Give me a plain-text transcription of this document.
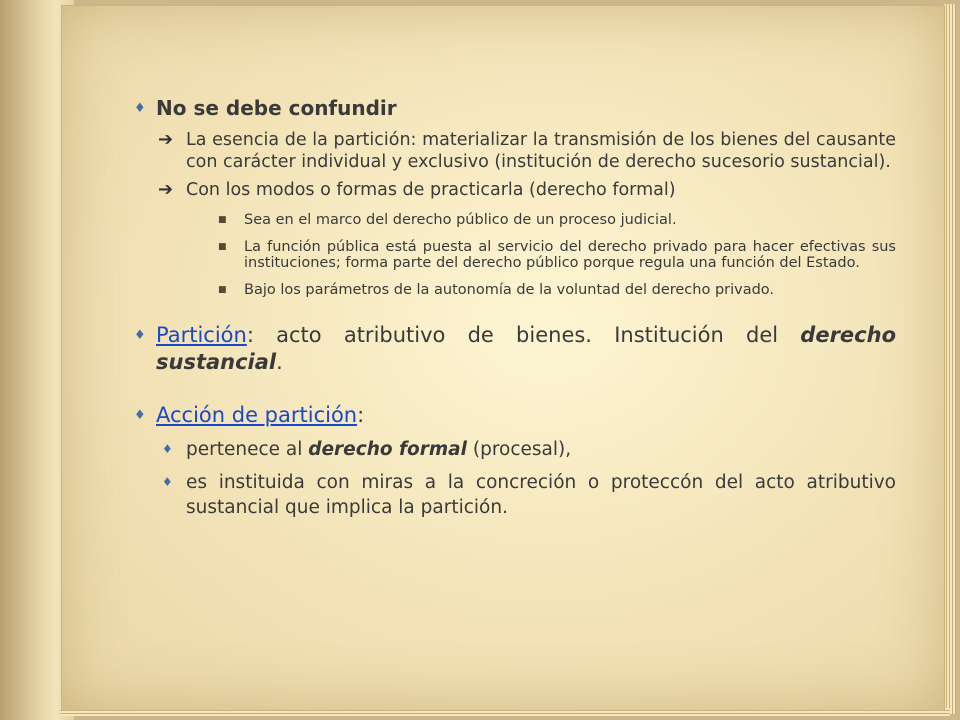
♦ No se debe confundir
➔ La esencia de la partición: materializar la transmisión de los bienes del causante con carácter individual y exclusivo (institución de derecho sucesorio sustancial).
➔ Con los modos o formas de practicarla (derecho formal)
■ Sea en el marco del derecho público de un proceso judicial.
■ La función pública está puesta al servicio del derecho privado para hacer efectivas sus instituciones; forma parte del derecho público porque regula una función del Estado.
■ Bajo los parámetros de la autonomía de la voluntad del derecho privado.
♦ Partición: acto atributivo de bienes. Institución del derecho sustancial.
♦ Acción de partición:
♦ pertenece al derecho formal (procesal),
♦ es instituida con miras a la concreción o proteccón del acto atributivo sustancial que implica la partición.
